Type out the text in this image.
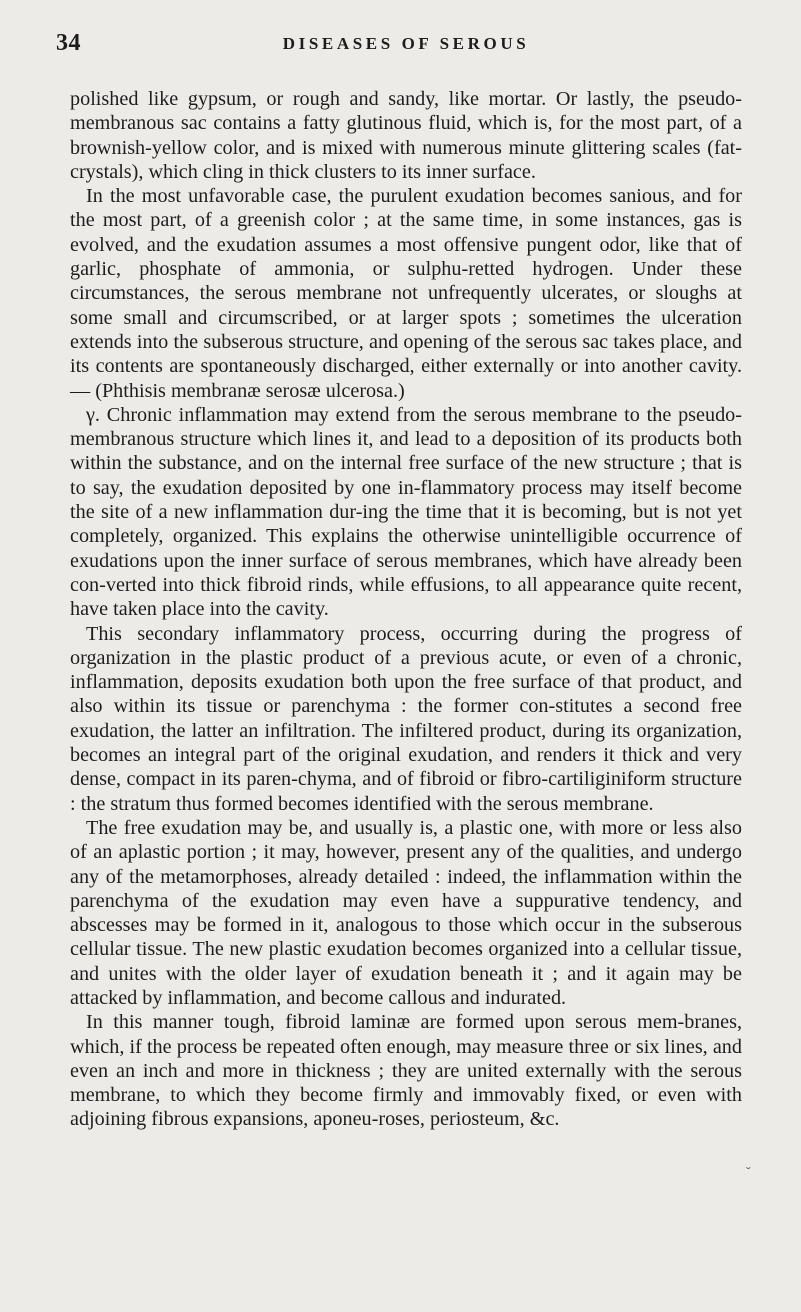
34	DISEASES OF SEROUS

polished like gypsum, or rough and sandy, like mortar. Or lastly, the pseudo-membranous sac contains a fatty glutinous fluid, which is, for the most part, of a brownish-yellow color, and is mixed with numerous minute glittering scales (fat-crystals), which cling in thick clusters to its inner surface.

In the most unfavorable case, the purulent exudation becomes sanious, and for the most part, of a greenish color ; at the same time, in some instances, gas is evolved, and the exudation assumes a most offensive pungent odor, like that of garlic, phosphate of ammonia, or sulphu-retted hydrogen. Under these circumstances, the serous membrane not unfrequently ulcerates, or sloughs at some small and circumscribed, or at larger spots ; sometimes the ulceration extends into the subserous structure, and opening of the serous sac takes place, and its contents are spontaneously discharged, either externally or into another cavity.— (Phthisis membranæ serosæ ulcerosa.)

γ. Chronic inflammation may extend from the serous membrane to the pseudo-membranous structure which lines it, and lead to a deposition of its products both within the substance, and on the internal free surface of the new structure ; that is to say, the exudation deposited by one in-flammatory process may itself become the site of a new inflammation dur-ing the time that it is becoming, but is not yet completely, organized. This explains the otherwise unintelligible occurrence of exudations upon the inner surface of serous membranes, which have already been con-verted into thick fibroid rinds, while effusions, to all appearance quite recent, have taken place into the cavity.

This secondary inflammatory process, occurring during the progress of organization in the plastic product of a previous acute, or even of a chronic, inflammation, deposits exudation both upon the free surface of that product, and also within its tissue or parenchyma : the former con-stitutes a second free exudation, the latter an infiltration. The infiltered product, during its organization, becomes an integral part of the original exudation, and renders it thick and very dense, compact in its paren-chyma, and of fibroid or fibro-cartiliginiform structure : the stratum thus formed becomes identified with the serous membrane.

The free exudation may be, and usually is, a plastic one, with more or less also of an aplastic portion ; it may, however, present any of the qualities, and undergo any of the metamorphoses, already detailed : indeed, the inflammation within the parenchyma of the exudation may even have a suppurative tendency, and abscesses may be formed in it, analogous to those which occur in the subserous cellular tissue. The new plastic exudation becomes organized into a cellular tissue, and unites with the older layer of exudation beneath it ; and it again may be attacked by inflammation, and become callous and indurated.

In this manner tough, fibroid laminæ are formed upon serous mem-branes, which, if the process be repeated often enough, may measure three or six lines, and even an inch and more in thickness ; they are united externally with the serous membrane, to which they become firmly and immovably fixed, or even with adjoining fibrous expansions, aponeu-roses, periosteum, &c.

ˬ
